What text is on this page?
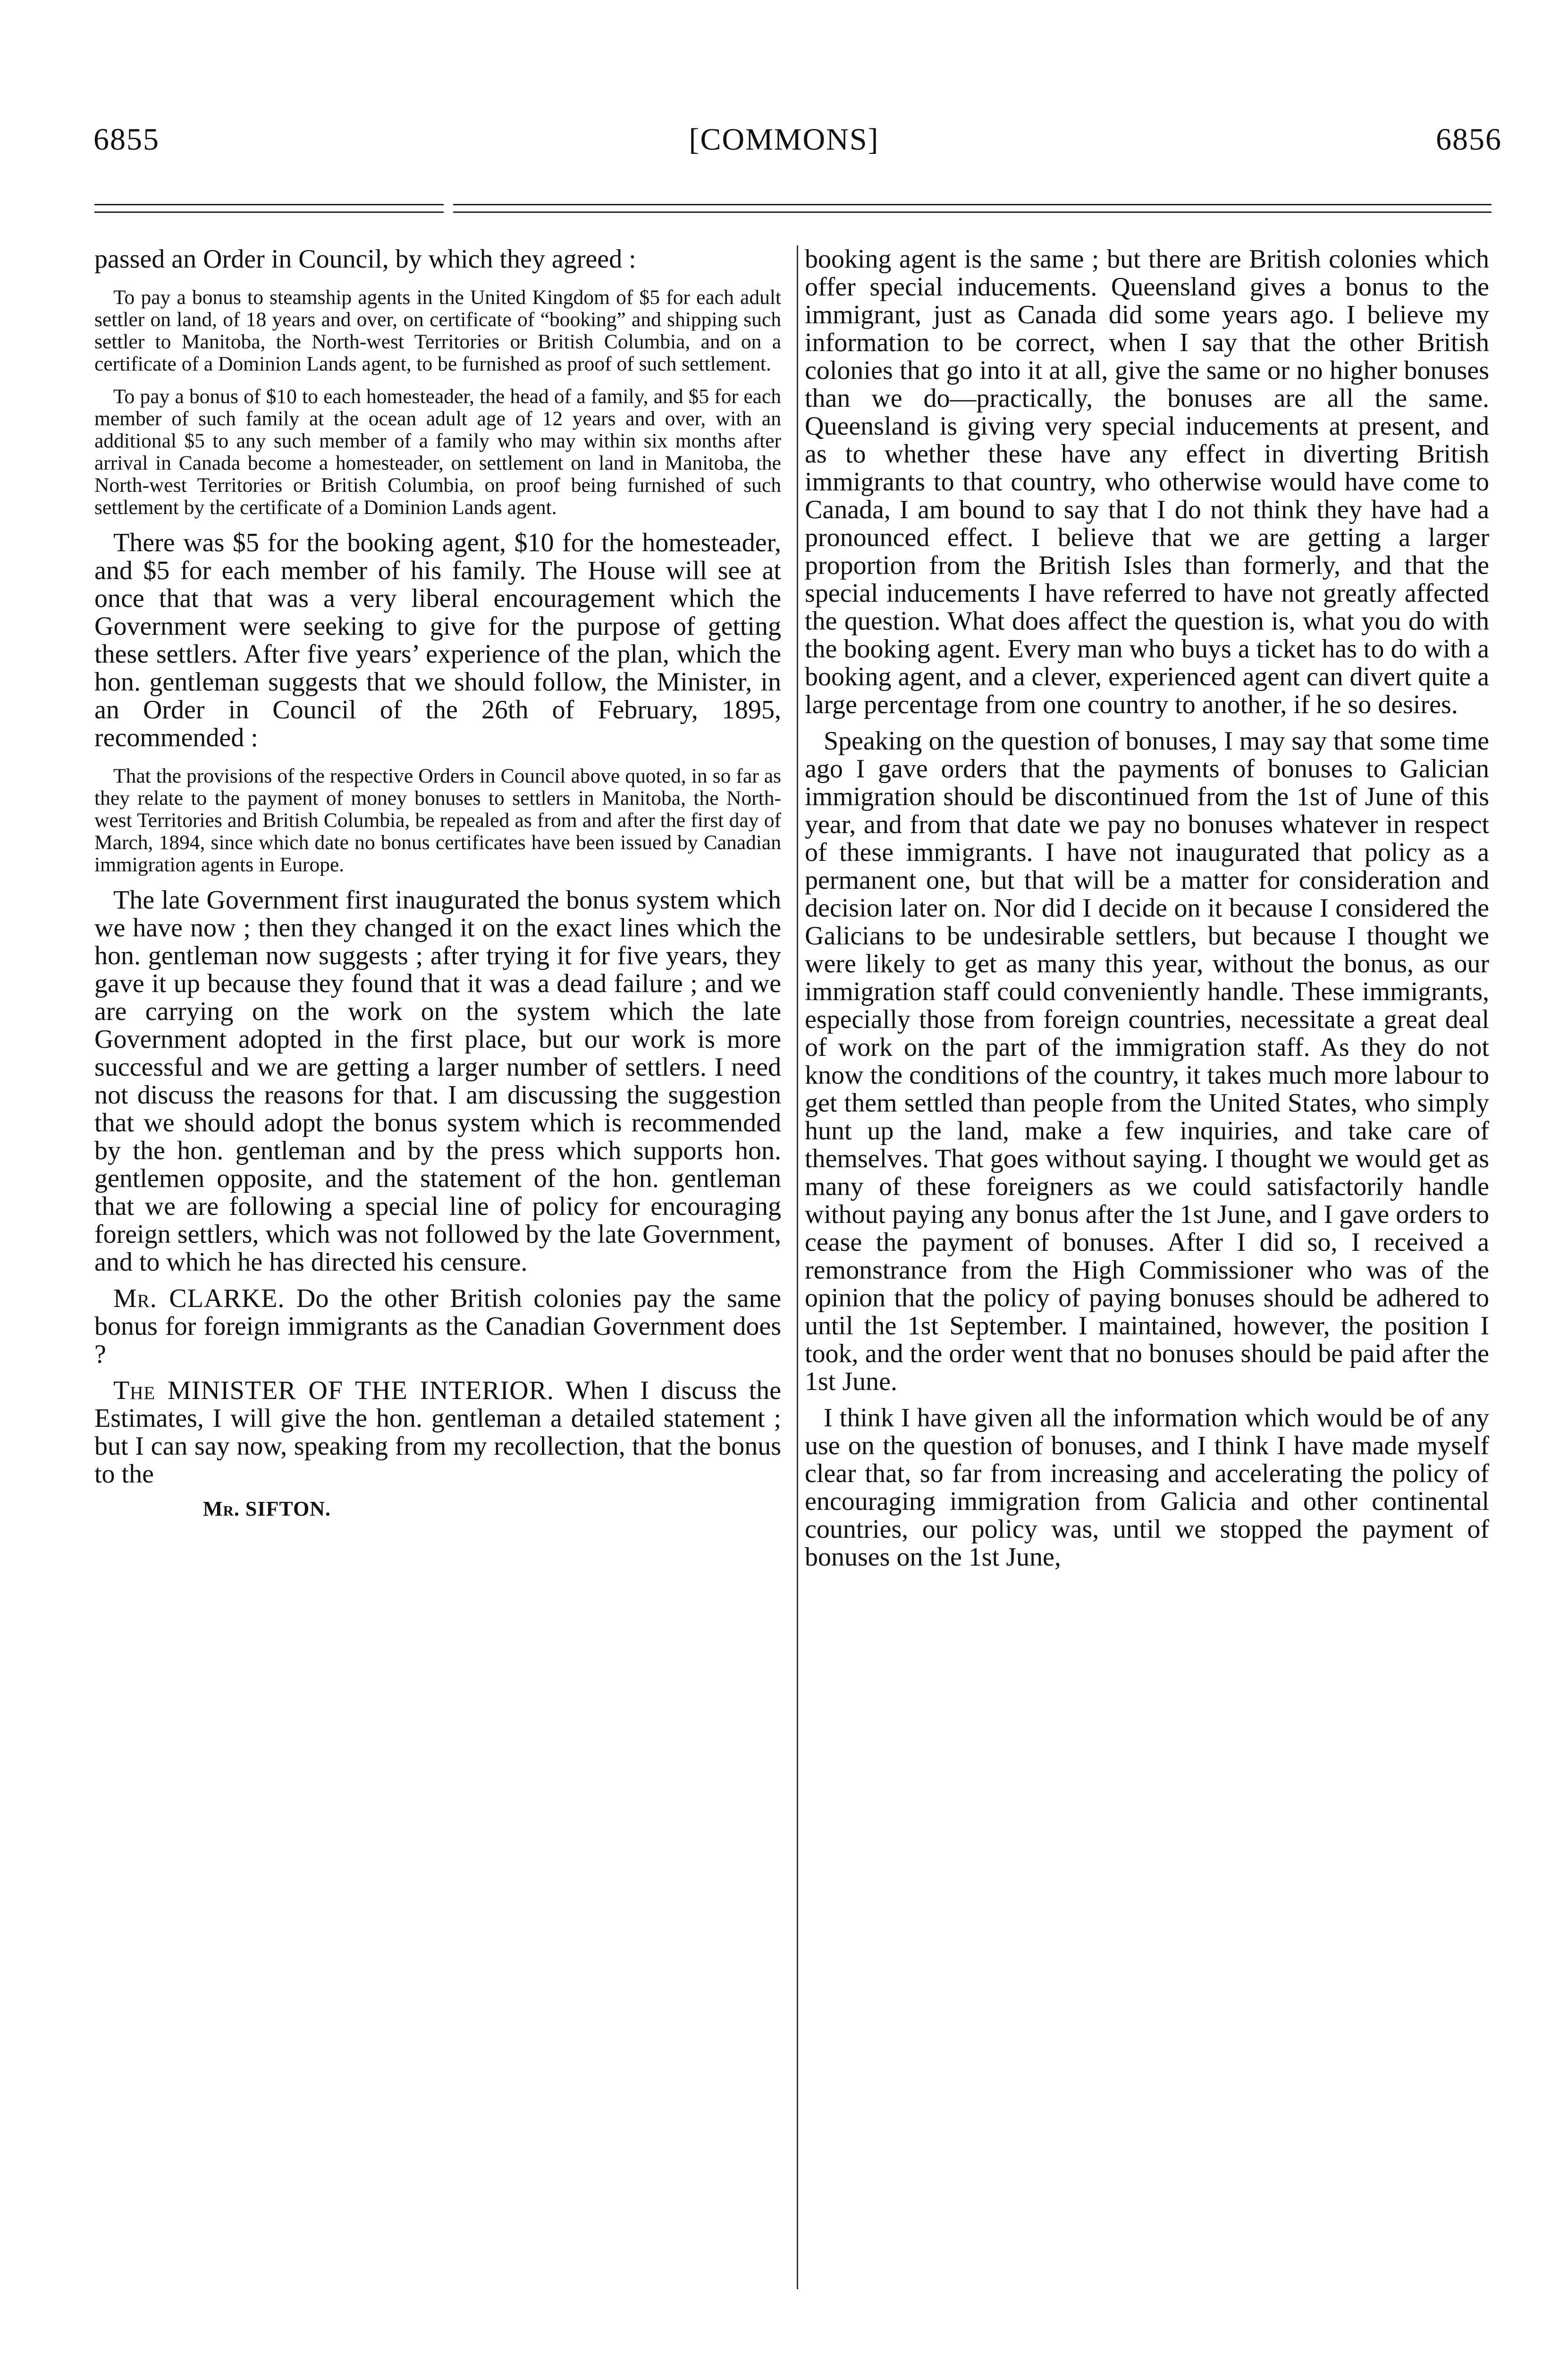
6855	[COMMONS]	6856

passed an Order in Council, by which they agreed :

To pay a bonus to steamship agents in the United Kingdom of $5 for each adult settler on land, of 18 years and over, on certificate of “booking” and shipping such settler to Manitoba, the North-west Territories or British Columbia, and on a certificate of a Dominion Lands agent, to be furnished as proof of such settlement.

To pay a bonus of $10 to each homesteader, the head of a family, and $5 for each member of such family at the ocean adult age of 12 years and over, with an additional $5 to any such member of a family who may within six months after arrival in Canada become a homesteader, on settlement on land in Manitoba, the North-west Territories or British Columbia, on proof being furnished of such settlement by the certificate of a Dominion Lands agent.

There was $5 for the booking agent, $10 for the homesteader, and $5 for each member of his family. The House will see at once that that was a very liberal encouragement which the Government were seeking to give for the purpose of getting these settlers. After five years’ experience of the plan, which the hon. gentleman suggests that we should follow, the Minister, in an Order in Council of the 26th of February, 1895, recommended :

That the provisions of the respective Orders in Council above quoted, in so far as they relate to the payment of money bonuses to settlers in Manitoba, the North-west Territories and British Columbia, be repealed as from and after the first day of March, 1894, since which date no bonus certificates have been issued by Canadian immigration agents in Europe.

The late Government first inaugurated the bonus system which we have now ; then they changed it on the exact lines which the hon. gentleman now suggests ; after trying it for five years, they gave it up because they found that it was a dead failure ; and we are carrying on the work on the system which the late Government adopted in the first place, but our work is more successful and we are getting a larger number of settlers. I need not discuss the reasons for that. I am discussing the suggestion that we should adopt the bonus system which is recommended by the hon. gentleman and by the press which supports hon. gentlemen opposite, and the statement of the hon. gentleman that we are following a special line of policy for encouraging foreign settlers, which was not followed by the late Government, and to which he has directed his censure.

Mr. CLARKE. Do the other British colonies pay the same bonus for foreign immigrants as the Canadian Government does ?

The MINISTER OF THE INTERIOR. When I discuss the Estimates, I will give the hon. gentleman a detailed statement ; but I can say now, speaking from my recollection, that the bonus to the

Mr. SIFTON.

booking agent is the same ; but there are British colonies which offer special inducements. Queensland gives a bonus to the immigrant, just as Canada did some years ago. I believe my information to be correct, when I say that the other British colonies that go into it at all, give the same or no higher bonuses than we do—practically, the bonuses are all the same. Queensland is giving very special inducements at present, and as to whether these have any effect in diverting British immigrants to that country, who otherwise would have come to Canada, I am bound to say that I do not think they have had a pronounced effect. I believe that we are getting a larger proportion from the British Isles than formerly, and that the special inducements I have referred to have not greatly affected the question. What does affect the question is, what you do with the booking agent. Every man who buys a ticket has to do with a booking agent, and a clever, experienced agent can divert quite a large percentage from one country to another, if he so desires.

Speaking on the question of bonuses, I may say that some time ago I gave orders that the payments of bonuses to Galician immigration should be discontinued from the 1st of June of this year, and from that date we pay no bonuses whatever in respect of these immigrants. I have not inaugurated that policy as a permanent one, but that will be a matter for consideration and decision later on. Nor did I decide on it because I considered the Galicians to be undesirable settlers, but because I thought we were likely to get as many this year, without the bonus, as our immigration staff could conveniently handle. These immigrants, especially those from foreign countries, necessitate a great deal of work on the part of the immigration staff. As they do not know the conditions of the country, it takes much more labour to get them settled than people from the United States, who simply hunt up the land, make a few inquiries, and take care of themselves. That goes without saying. I thought we would get as many of these foreigners as we could satisfactorily handle without paying any bonus after the 1st June, and I gave orders to cease the payment of bonuses. After I did so, I received a remonstrance from the High Commissioner who was of the opinion that the policy of paying bonuses should be adhered to until the 1st September. I maintained, however, the position I took, and the order went that no bonuses should be paid after the 1st June.

I think I have given all the information which would be of any use on the question of bonuses, and I think I have made myself clear that, so far from increasing and accelerating the policy of encouraging immigration from Galicia and other continental countries, our policy was, until we stopped the payment of bonuses on the 1st June,
